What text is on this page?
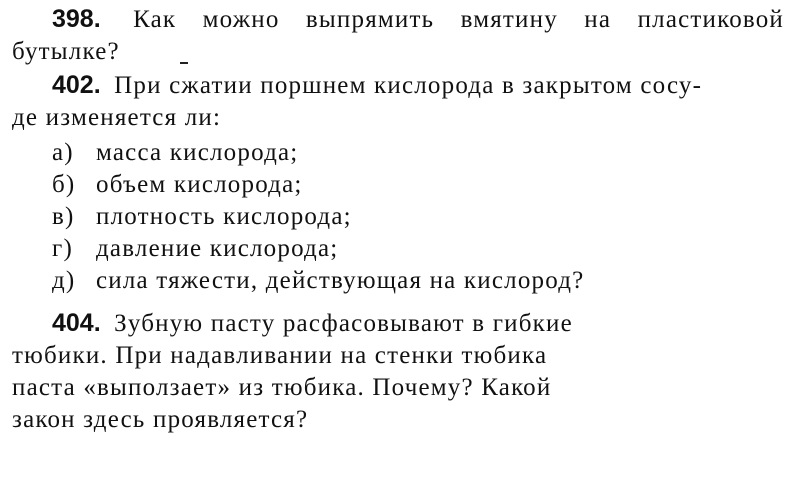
398. Как можно выпрямить вмятину на пластиковой
бутылке?
402. При сжатии поршнем кислорода в закрытом сосу-
де изменяется ли:
а) масса кислорода;
б) объем кислорода;
в) плотность кислорода;
г) давление кислорода;
д) сила тяжести, действующая на кислород?
404. Зубную пасту расфасовывают в гибкие
тюбики. При надавливании на стенки тюбика
паста «выползает» из тюбика. Почему? Какой
закон здесь проявляется?
